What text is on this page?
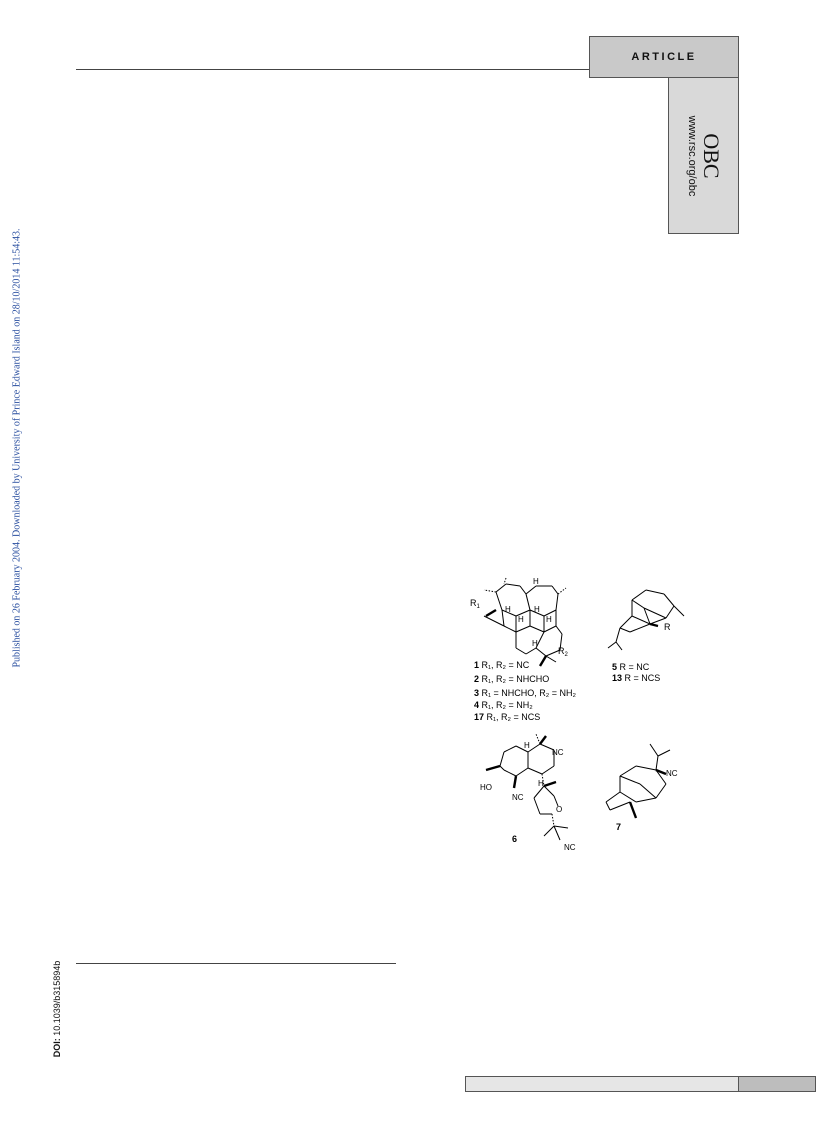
ARTICLE
OBC
www.rsc.org/obc
Published on 26 February 2004. Downloaded by University of Prince Edward Island on 28/10/2014 11:54:43.
DOI: 10.1039/b315894b
$R_1$
$R_2$
H
H	H
H	H
H
1 R₁, R₂ = NC
2 R₁, R₂ = NHCHO
3 R₁ = NHCHO, R₂ = NH₂
4 R₁, R₂ = NH₂
17 R₁, R₂ = NCS
R
5 R = NC
13 R = NCS
NC
HO
H
H
NC
O
NC
6
NC
7
